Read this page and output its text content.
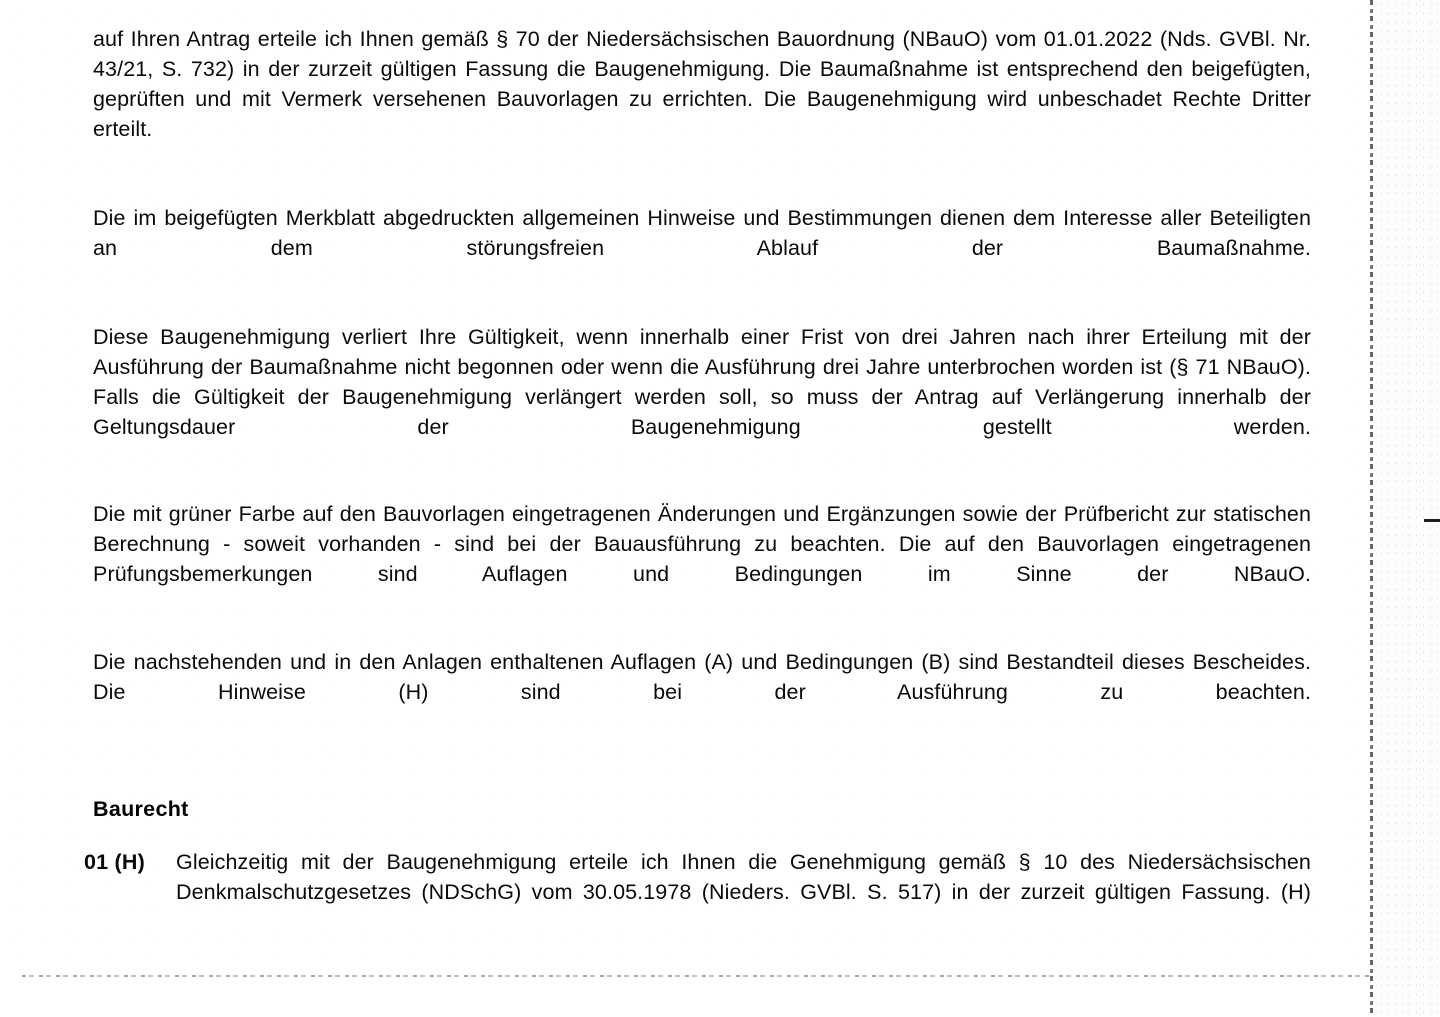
auf Ihren Antrag erteile ich Ihnen gemäß § 70 der Niedersächsischen Bauordnung (NBauO) vom 01.01.2022 (Nds. GVBl. Nr. 43/21, S. 732) in der zurzeit gültigen Fassung die Baugenehmigung. Die Baumaßnahme ist entsprechend den beigefügten, geprüften und mit Vermerk versehenen Bauvorlagen zu errichten. Die Baugenehmigung wird unbeschadet Rechte Dritter erteilt.

Die im beigefügten Merkblatt abgedruckten allgemeinen Hinweise und Bestimmungen dienen dem Interesse aller Beteiligten an dem störungsfreien Ablauf der Baumaßnahme.

Diese Baugenehmigung verliert Ihre Gültigkeit, wenn innerhalb einer Frist von drei Jahren nach ihrer Erteilung mit der Ausführung der Baumaßnahme nicht begonnen oder wenn die Ausführung drei Jahre unterbrochen worden ist (§ 71 NBauO). Falls die Gültigkeit der Baugenehmigung verlängert werden soll, so muss der Antrag auf Verlängerung innerhalb der Geltungsdauer der Baugenehmigung gestellt werden.

Die mit grüner Farbe auf den Bauvorlagen eingetragenen Änderungen und Ergänzungen sowie der Prüfbericht zur statischen Berechnung - soweit vorhanden - sind bei der Bauausführung zu beachten. Die auf den Bauvorlagen eingetragenen Prüfungsbemerkungen sind Auflagen und Bedingungen im Sinne der NBauO.

Die nachstehenden und in den Anlagen enthaltenen Auflagen (A) und Bedingungen (B) sind Bestandteil dieses Bescheides. Die Hinweise (H) sind bei der Ausführung zu beachten.

Baurecht
01 (H)	Gleichzeitig mit der Baugenehmigung erteile ich Ihnen die Genehmigung gemäß § 10 des Niedersächsischen Denkmalschutzgesetzes (NDSchG) vom 30.05.1978 (Nieders. GVBl. S. 517) in der zurzeit gültigen Fassung. (H)
